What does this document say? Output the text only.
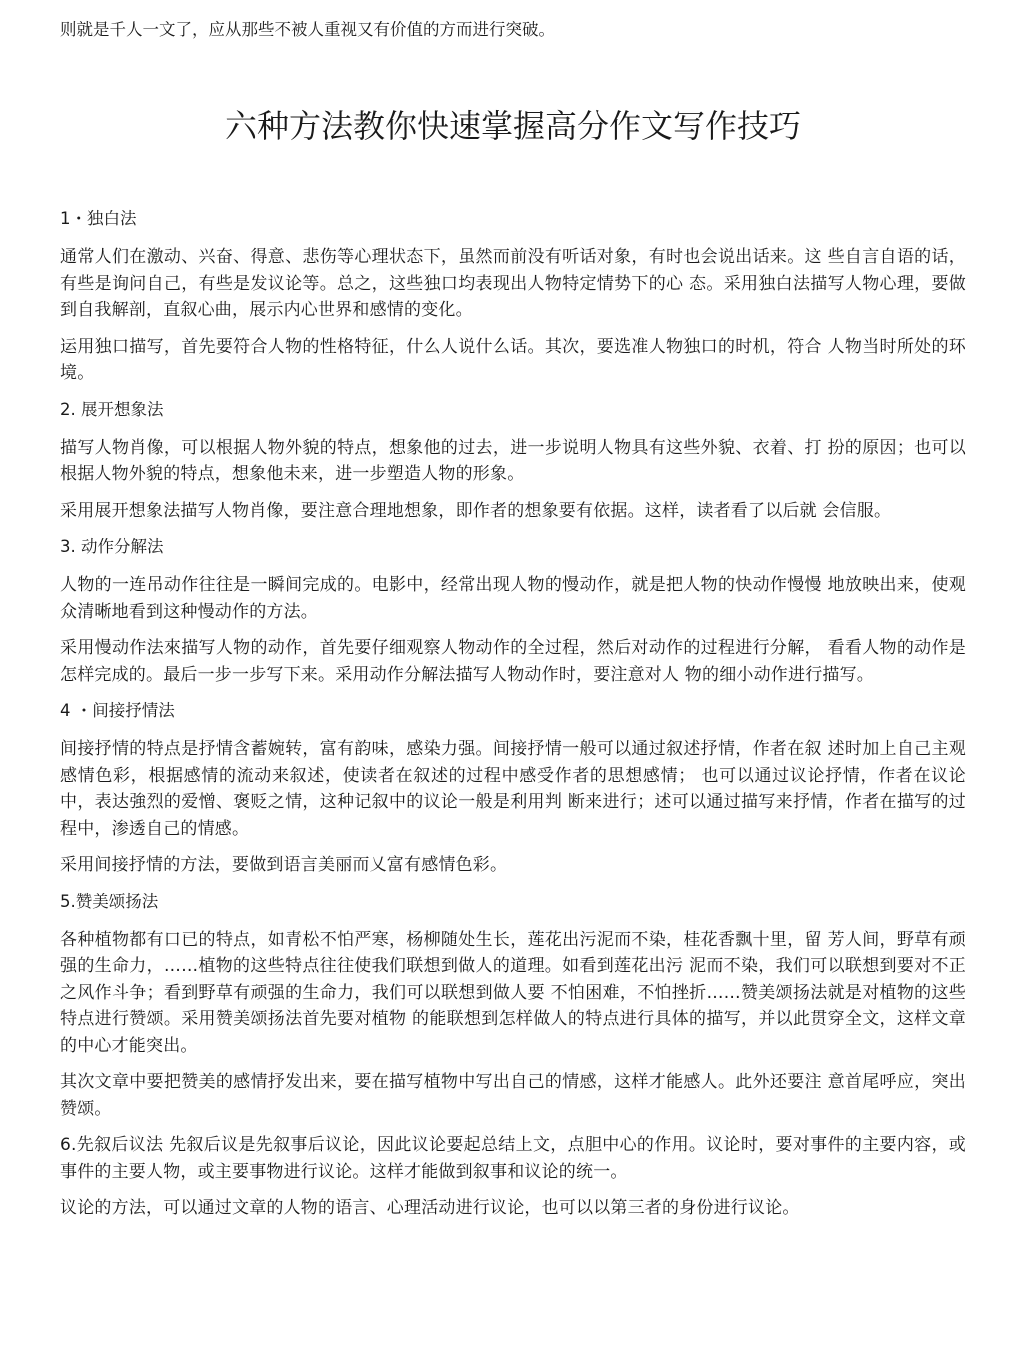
则就是千人一文了，应从那些不被人重视又有价值的方而进行突破。
六种方法教你快速掌握高分作文写作技巧

1・独白法

通常人们在激动、兴奋、得意、悲伤等心理状态下，虽然而前没有听话对象，有时也会说出话来。这 些自言自语的话，有些是询问自己，有些是发议论等。总之，这些独口均表现出人物特定情势下的心 态。采用独白法描写人物心理，要做到自我解剖，直叙心曲，展示内心世界和感情的变化。

运用独口描写，首先要符合人物的性格特征，什么人说什么话。其次，要选准人物独口的时机，符合 人物当时所处的环境。

2. 展开想象法

描写人物肖像，可以根据人物外貌的特点，想象他的过去，进一步说明人物具有这些外貌、衣着、打 扮的原因；也可以根据人物外貌的特点，想象他未来，进一步塑造人物的形象。

采用展开想象法描写人物肖像，要注意合理地想象，即作者的想象要有依据。这样，读者看了以后就 会信服。

3. 动作分解法

人物的一连吊动作往往是一瞬间完成的。电影中，经常出现人物的慢动作，就是把人物的快动作慢慢 地放映出来，使观众清晰地看到这种慢动作的方法。

采用慢动作法來描写人物的动作，首先要仔细观察人物动作的全过程，然后对动作的过程进行分解， 看看人物的动作是怎样完成的。最后一步一步写下来。采用动作分解法描写人物动作时，要注意对人 物的细小动作进行描写。

4 ・间接抒情法

间接抒情的特点是抒情含蓄婉转，富有韵味，感染力强。间接抒情一般可以通过叙述抒情，作者在叙 述时加上自己主观感情色彩，根据感情的流动来叙述，使读者在叙述的过程中感受作者的思想感情； 也可以通过议论抒情，作者在议论中，表达強烈的爱憎、褒贬之情，这种记叙中的议论一般是利用判 断来进行；述可以通过描写来抒情，作者在描写的过程中，渗透自己的情感。

采用间接抒情的方法，要做到语言美丽而乂富有感情色彩。

5.赞美颂扬法

各种植物都有口已的特点，如青松不怕严寒，杨柳随处生长，莲花出污泥而不染，桂花香飘十里，留 芳人间，野草有顽强的生命力，……植物的这些特点往往使我们联想到做人的道理。如看到莲花出污 泥而不染，我们可以联想到要对不正之风作斗争；看到野草有顽强的生命力，我们可以联想到做人要 不怕困难，不怕挫折……赞美颂扬法就是对植物的这些特点进行赞颂。采用赞美颂扬法首先要对植物 的能联想到怎样做人的特点进行具体的描写，并以此贯穿全文，这样文章的中心才能突出。

其次文章中要把赞美的感情抒发出来，要在描写植物中写出自己的情感，这样才能感人。此外还要注 意首尾呼应，突出赞颂。

6.先叙后议法 先叙后议是先叙事后议论，因此议论要起总结上文，点胆中心的作用。议论时，要对事件的主要内容，或事件的主要人物，或主要事物进行议论。这样才能做到叙事和议论的统一。

议论的方法，可以通过文章的人物的语言、心理活动进行议论，也可以以第三者的身份进行议论。
